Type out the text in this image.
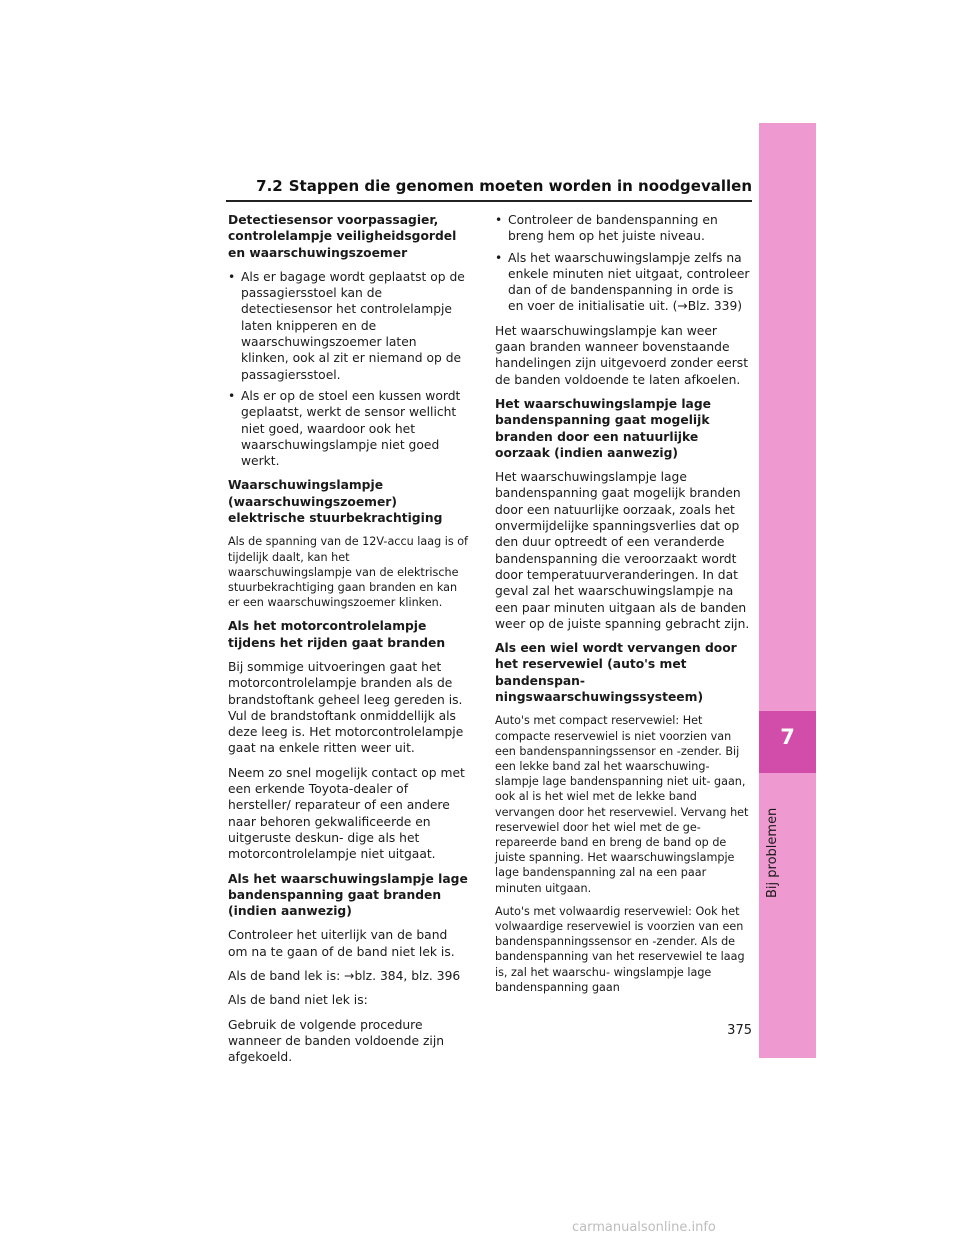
7.2 Stappen die genomen moeten worden in noodgevallen

Detectiesensor voorpassagier, controlelampje veiligheidsgordel en waarschuwingszoemer

• Als er bagage wordt geplaatst op de passagiersstoel kan de detectiesensor het controlelampje laten knipperen en de waarschuwingszoemer laten klinken, ook al zit er niemand op de passagiersstoel.
• Als er op de stoel een kussen wordt geplaatst, werkt de sensor wellicht niet goed, waardoor ook het waarschuwingslampje niet goed werkt.

Waarschuwingslampje (waarschuwingszoemer) elektrische stuurbekrachtiging

Als de spanning van de 12V-accu laag is of tijdelijk daalt, kan het waarschuwingslampje van de elektrische stuurbekrachtiging gaan branden en kan er een waarschuwingszoemer klinken.

Als het motorcontrolelampje tijdens het rijden gaat branden

Bij sommige uitvoeringen gaat het motorcontrolelampje branden als de brandstoftank geheel leeg gereden is. Vul de brandstoftank onmiddellijk als deze leeg is. Het motorcontrolelampje gaat na enkele ritten weer uit.

Neem zo snel mogelijk contact op met een erkende Toyota-dealer of hersteller/ reparateur of een andere naar behoren gekwalificeerde en uitgeruste deskun- dige als het motorcontrolelampje niet uitgaat.

Als het waarschuwingslampje lage bandenspanning gaat branden (indien aanwezig)

Controleer het uiterlijk van de band om na te gaan of de band niet lek is.

Als de band lek is: →blz. 384, blz. 396

Als de band niet lek is:

Gebruik de volgende procedure wanneer de banden voldoende zijn afgekoeld.

• Controleer de bandenspanning en breng hem op het juiste niveau.
• Als het waarschuwingslampje zelfs na enkele minuten niet uitgaat, controleer dan of de bandenspanning in orde is en voer de initialisatie uit. (→Blz. 339)

Het waarschuwingslampje kan weer gaan branden wanneer bovenstaande handelingen zijn uitgevoerd zonder eerst de banden voldoende te laten afkoelen.

Het waarschuwingslampje lage bandenspanning gaat mogelijk branden door een natuurlijke oorzaak (indien aanwezig)

Het waarschuwingslampje lage bandenspanning gaat mogelijk branden door een natuurlijke oorzaak, zoals het onvermijdelijke spanningsverlies dat op den duur optreedt of een veranderde bandenspanning die veroorzaakt wordt door temperatuurveranderingen. In dat geval zal het waarschuwingslampje na een paar minuten uitgaan als de banden weer op de juiste spanning gebracht zijn.

Als een wiel wordt vervangen door het reservewiel (auto's met bandenspan- ningswaarschuwingssysteem)

Auto's met compact reservewiel: Het compacte reservewiel is niet voorzien van een bandenspanningssensor en -zender. Bij een lekke band zal het waarschuwing- slampje lage bandenspanning niet uit- gaan, ook al is het wiel met de lekke band vervangen door het reservewiel. Vervang het reservewiel door het wiel met de ge- repareerde band en breng de band op de juiste spanning. Het waarschuwingslampje lage bandenspanning zal na een paar minuten uitgaan.

Auto's met volwaardig reservewiel: Ook het volwaardige reservewiel is voorzien van een bandenspanningssensor en -zender. Als de bandenspanning van het reservewiel te laag is, zal het waarschu- wingslampje lage bandenspanning gaan

7
Bij problemen
375
carmanualsonline.info
